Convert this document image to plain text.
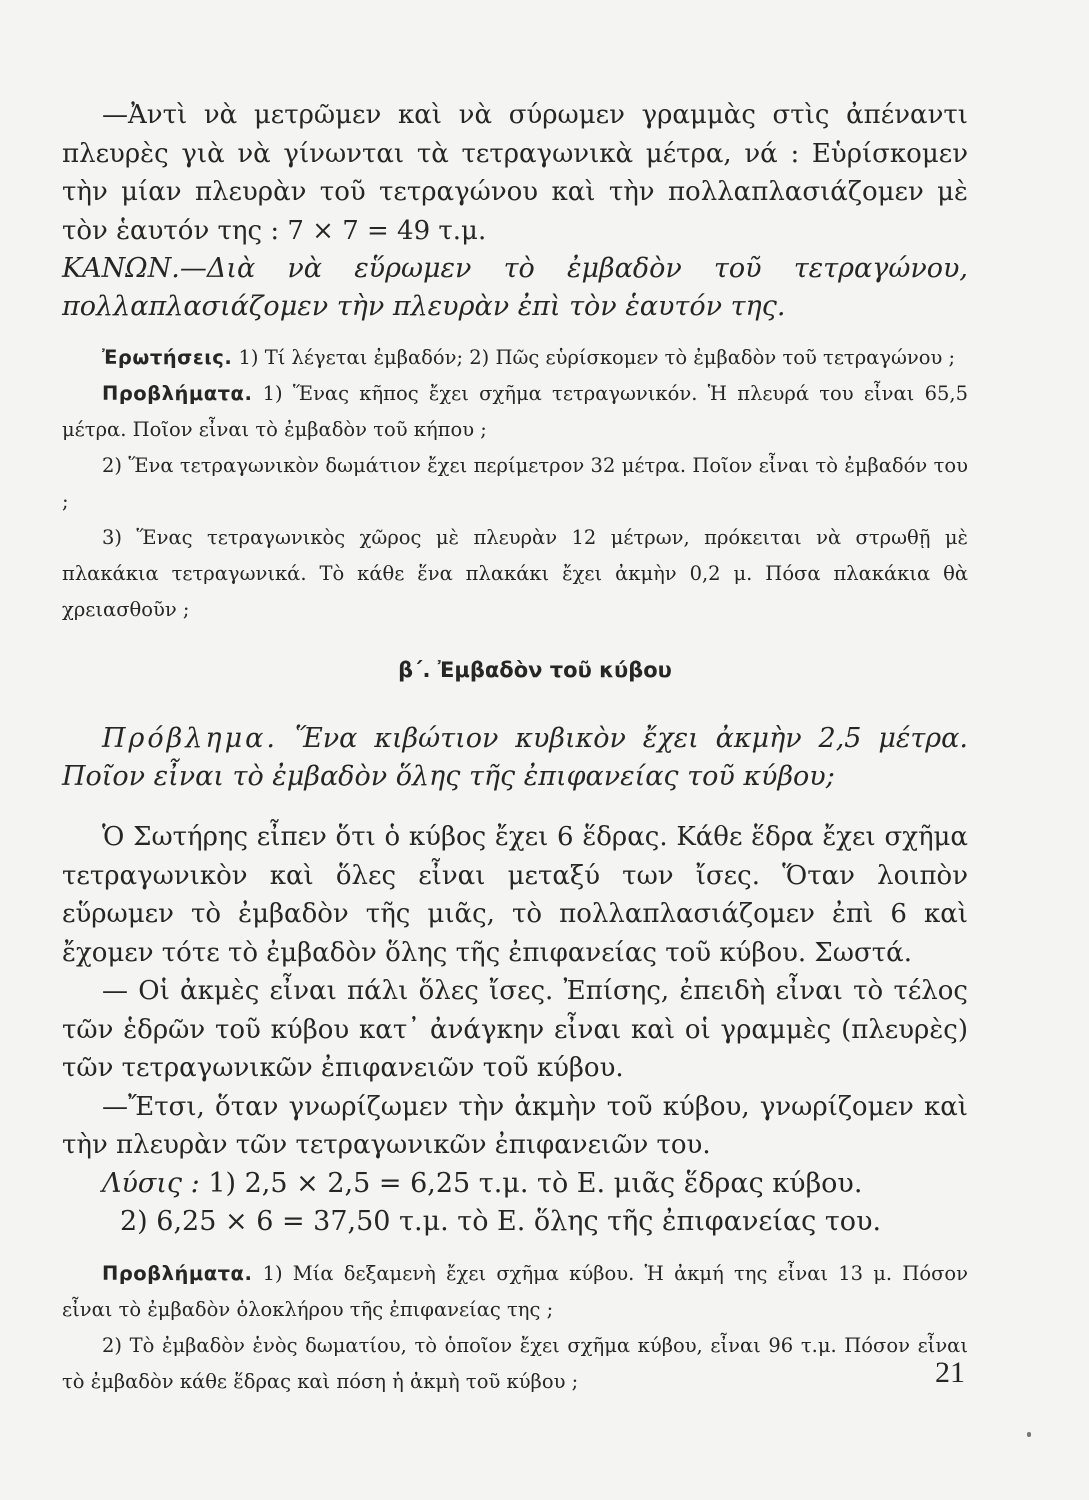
—Ἀντὶ νὰ μετρῶμεν καὶ νὰ σύρωμεν γραμμὰς στὶς ἀπέναντι πλευρὲς γιὰ νὰ γίνωνται τὰ τετραγωνικὰ μέτρα, νά : Εὑρίσκομεν τὴν μίαν πλευρὰν τοῦ τετραγώνου καὶ τὴν πολλαπλασιάζομεν μὲ τὸν ἑαυτόν της : 7 × 7 = 49 τ.μ.

ΚΑΝΩΝ.—Διὰ νὰ εὕρωμεν τὸ ἐμβαδὸν τοῦ τετραγώνου, πολλαπλασιάζομεν τὴν πλευρὰν ἐπὶ τὸν ἑαυτόν της.

Ἐρωτήσεις. 1) Τί λέγεται ἐμβαδόν; 2) Πῶς εὑρίσκομεν τὸ ἐμβαδὸν τοῦ τετραγώνου ;

Προβλήματα. 1) Ἕνας κῆπος ἔχει σχῆμα τετραγωνικόν. Ἡ πλευρά του εἶναι 65,5 μέτρα. Ποῖον εἶναι τὸ ἐμβαδὸν τοῦ κήπου ;

2) Ἕνα τετραγωνικὸν δωμάτιον ἔχει περίμετρον 32 μέτρα. Ποῖον εἶναι τὸ ἐμβαδόν του ;

3) Ἕνας τετραγωνικὸς χῶρος μὲ πλευρὰν 12 μέτρων, πρόκειται νὰ στρωθῇ μὲ πλακάκια τετραγωνικά. Τὸ κάθε ἕνα πλακάκι ἔχει ἀκμὴν 0,2 μ. Πόσα πλακάκια θὰ χρειασθοῦν ;

β΄. Ἐμβαδὸν τοῦ κύβου

Πρόβλημα. Ἕνα κιβώτιον κυβικὸν ἔχει ἀκμὴν 2,5 μέτρα. Ποῖον εἶναι τὸ ἐμβαδὸν ὅλης τῆς ἐπιφανείας τοῦ κύβου;

Ὁ Σωτήρης εἶπεν ὅτι ὁ κύβος ἔχει 6 ἕδρας. Κάθε ἕδρα ἔχει σχῆμα τετραγωνικὸν καὶ ὅλες εἶναι μεταξύ των ἴσες. Ὅταν λοιπὸν εὕρωμεν τὸ ἐμβαδὸν τῆς μιᾶς, τὸ πολλαπλασιάζομεν ἐπὶ 6 καὶ ἔχομεν τότε τὸ ἐμβαδὸν ὅλης τῆς ἐπιφανείας τοῦ κύβου. Σωστά.

— Οἱ ἀκμὲς εἶναι πάλι ὅλες ἴσες. Ἐπίσης, ἐπειδὴ εἶναι τὸ τέλος τῶν ἑδρῶν τοῦ κύβου κατ᾿ ἀνάγκην εἶναι καὶ οἱ γραμμὲς (πλευρὲς) τῶν τετραγωνικῶν ἐπιφανειῶν τοῦ κύβου.

—Ἔτσι, ὅταν γνωρίζωμεν τὴν ἀκμὴν τοῦ κύβου, γνωρίζομεν καὶ τὴν πλευρὰν τῶν τετραγωνικῶν ἐπιφανειῶν του.

Λύσις : 1) 2,5 × 2,5 = 6,25 τ.μ. τὸ Ε. μιᾶς ἕδρας κύβου.

2) 6,25 × 6 = 37,50 τ.μ. τὸ Ε. ὅλης τῆς ἐπιφανείας του.

Προβλήματα. 1) Μία δεξαμενὴ ἔχει σχῆμα κύβου. Ἡ ἀκμή της εἶναι 13 μ. Πόσον εἶναι τὸ ἐμβαδὸν ὁλοκλήρου τῆς ἐπιφανείας της ;

2) Τὸ ἐμβαδὸν ἑνὸς δωματίου, τὸ ὁποῖον ἔχει σχῆμα κύβου, εἶναι 96 τ.μ. Πόσον εἶναι τὸ ἐμβαδὸν κάθε ἕδρας καὶ πόση ἡ ἀκμὴ τοῦ κύβου ;	21
